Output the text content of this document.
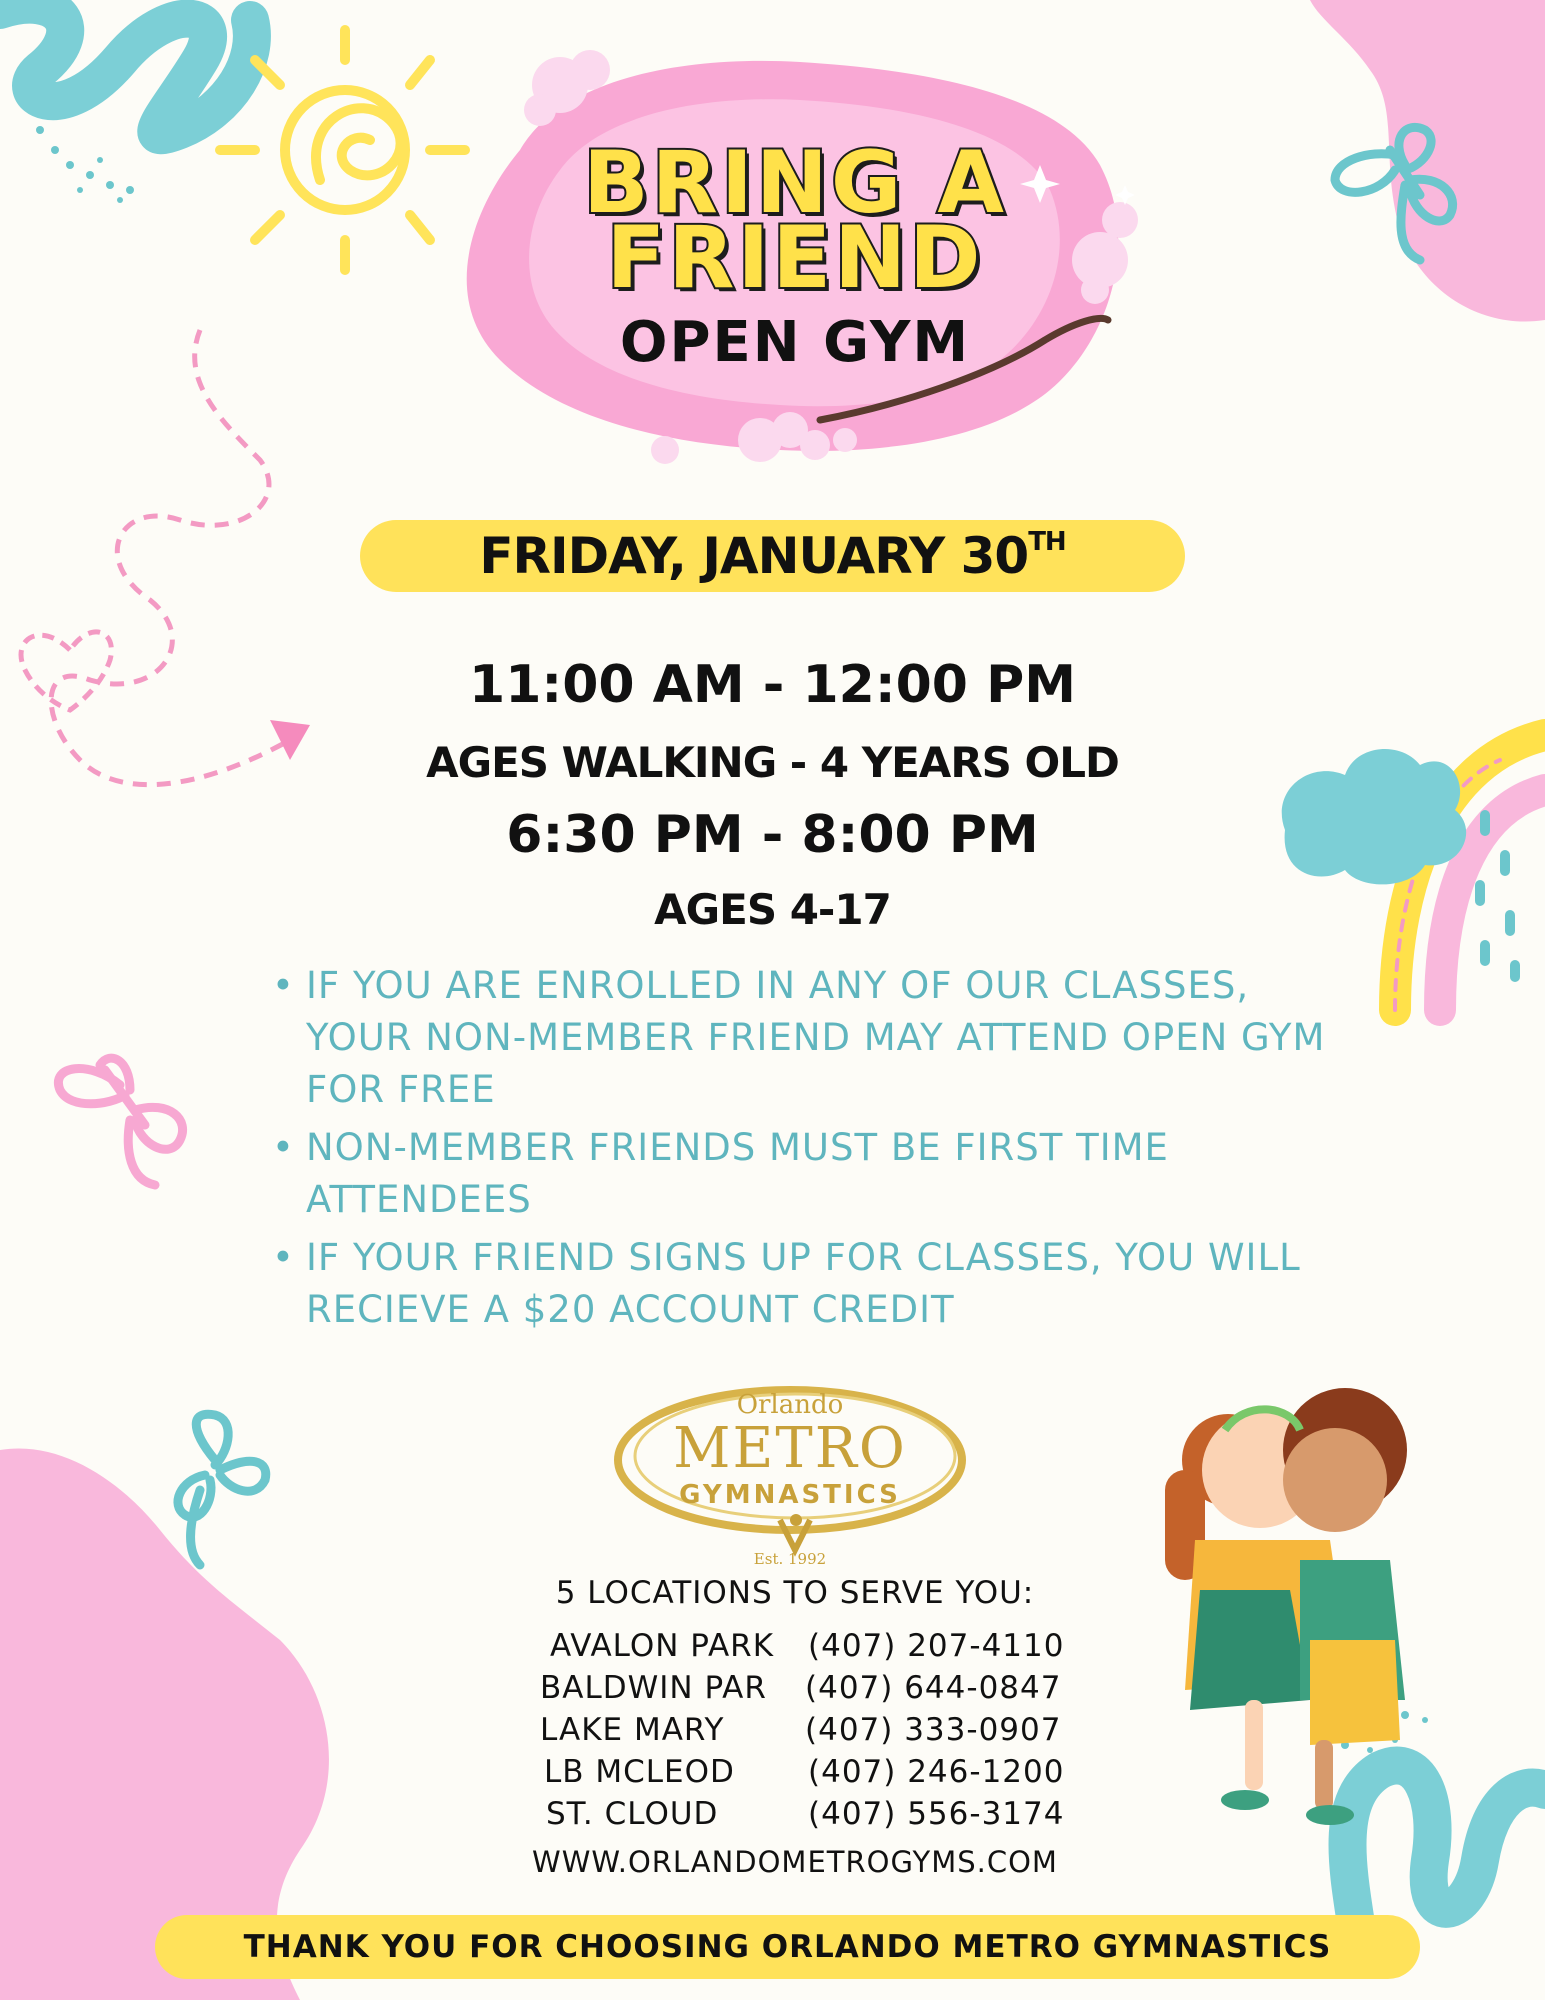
BRING A
FRIEND
OPEN GYM
FRIDAY, JANUARY 30TH
11:00 AM - 12:00 PM
AGES WALKING - 4 YEARS OLD
6:30 PM - 8:00 PM
AGES 4-17
• IF YOU ARE ENROLLED IN ANY OF OUR CLASSES, YOUR NON-MEMBER FRIEND MAY ATTEND OPEN GYM FOR FREE
• NON-MEMBER FRIENDS MUST BE FIRST TIME ATTENDEES
• IF YOUR FRIEND SIGNS UP FOR CLASSES, YOU WILL RECIEVE A $20 ACCOUNT CREDIT
Orlando
METRO
GYMNASTICS
Est. 1992
5 LOCATIONS TO SERVE YOU:
AVALON PARK (407) 207-4110
BALDWIN PAR (407) 644-0847
LAKE MARY	(407) 333-0907
LB MCLEOD (407) 246-1200
ST. CLOUD	(407) 556-3174
WWW.ORLANDOMETROGYMS.COM
THANK YOU FOR CHOOSING ORLANDO METRO GYMNASTICS
